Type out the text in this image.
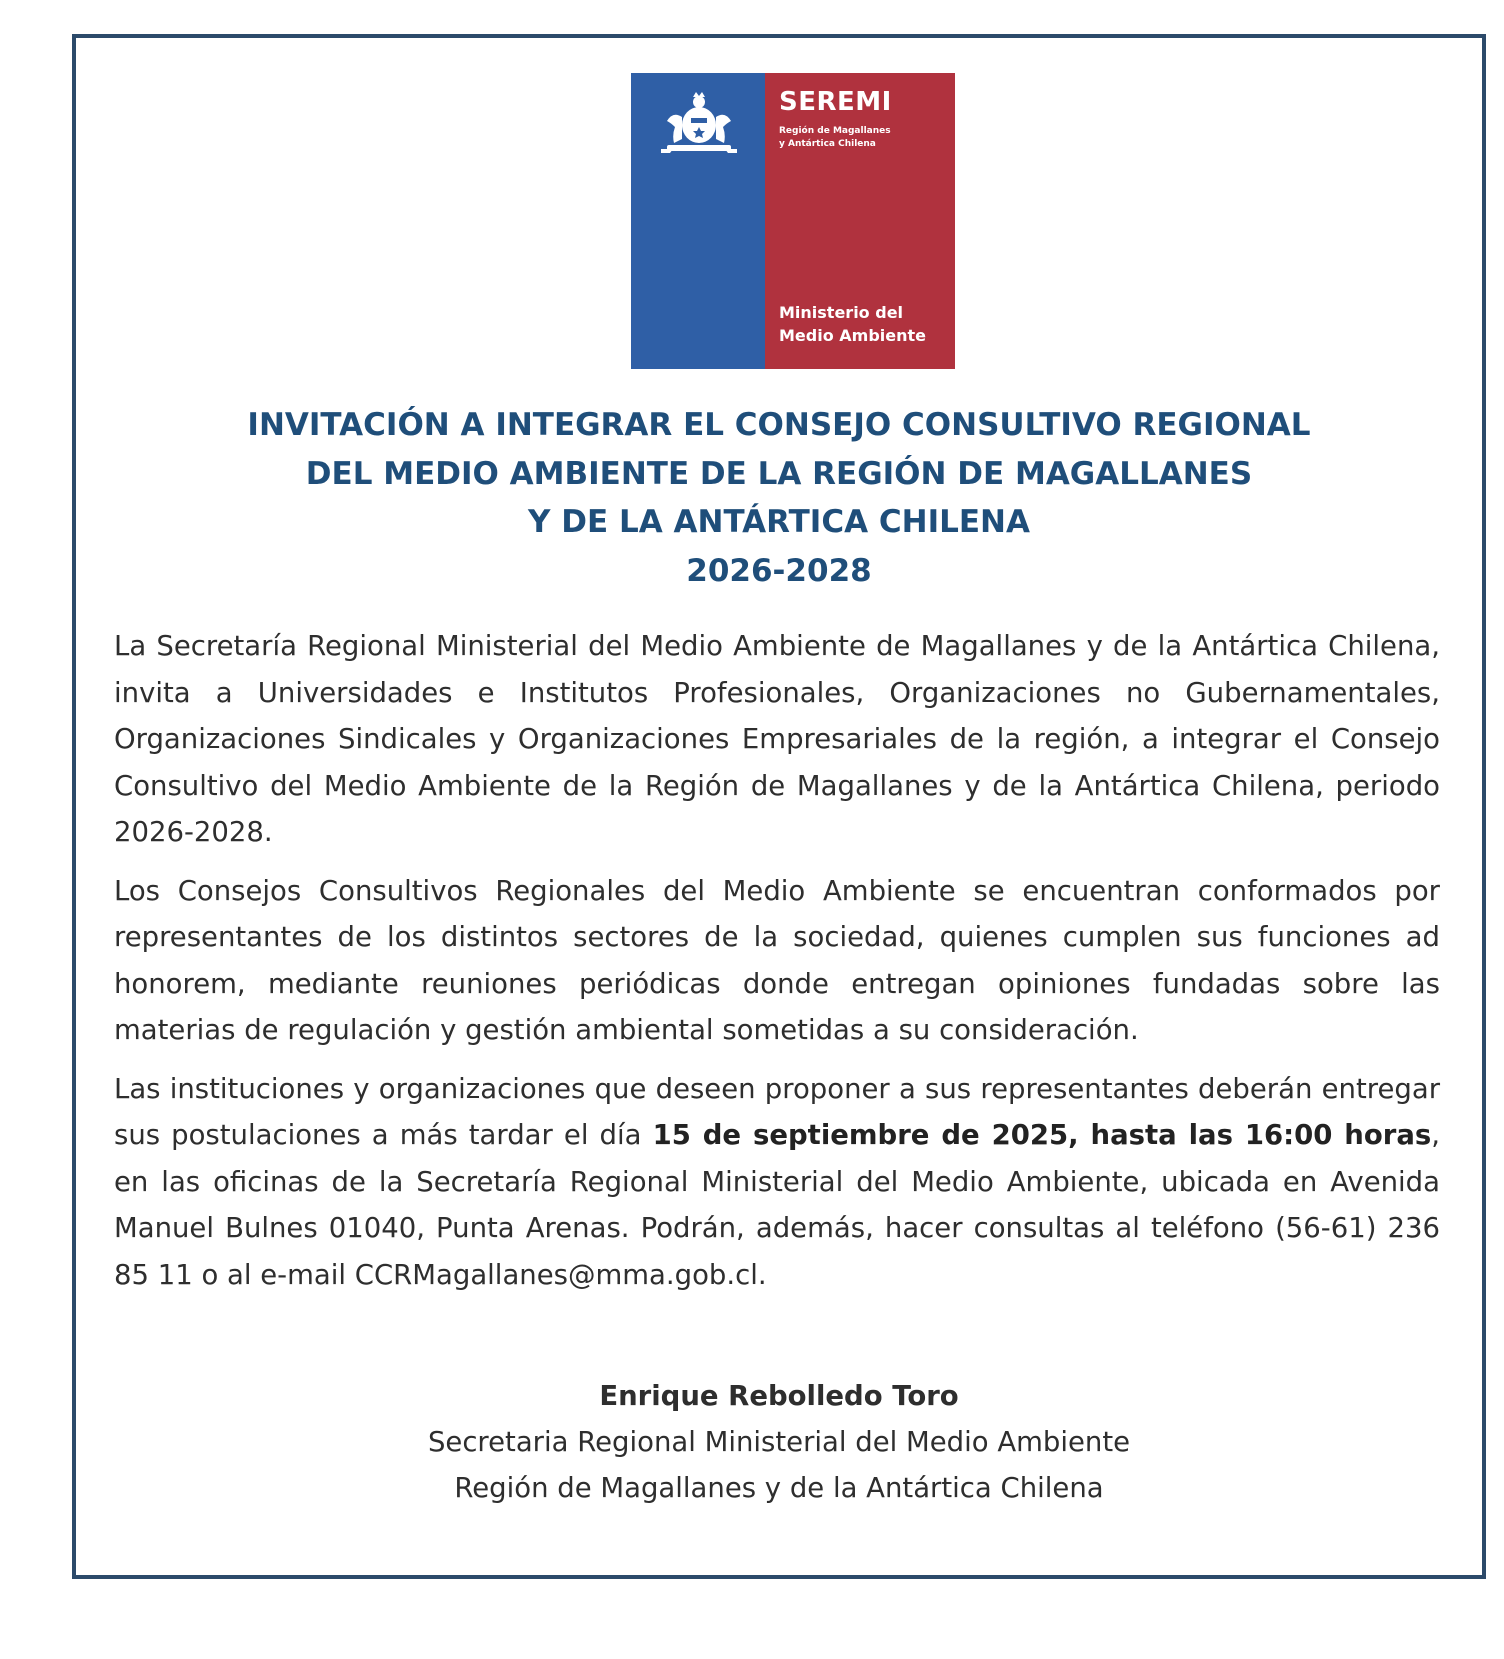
SEREMI
Región de Magallanes
y Antártica Chilena
Ministerio del
Medio Ambiente
INVITACIÓN A INTEGRAR EL CONSEJO CONSULTIVO REGIONAL
DEL MEDIO AMBIENTE DE LA REGIÓN DE MAGALLANES
Y DE LA ANTÁRTICA CHILENA
2026-2028

La Secretaría Regional Ministerial del Medio Ambiente de Magallanes y de la Antártica Chilena, invita a Universidades e Institutos Profesionales, Organizaciones no Gubernamentales, Organizaciones Sindicales y Organizaciones Empresariales de la región, a integrar el Consejo Consultivo del Medio Ambiente de la Región de Magallanes y de la Antártica Chilena, periodo 2026-2028.

Los Consejos Consultivos Regionales del Medio Ambiente se encuentran conformados por representantes de los distintos sectores de la sociedad, quienes cumplen sus funciones ad honorem, mediante reuniones periódicas donde entregan opiniones fundadas sobre las materias de regulación y gestión ambiental sometidas a su consideración.

Las instituciones y organizaciones que deseen proponer a sus representantes deberán entregar sus postulaciones a más tardar el día 15 de septiembre de 2025, hasta las 16:00 horas, en las oficinas de la Secretaría Regional Ministerial del Medio Ambiente, ubicada en Avenida Manuel Bulnes 01040, Punta Arenas. Podrán, además, hacer consultas al teléfono (56-61) 236 85 11 o al e-mail CCRMagallanes@mma.gob.cl.

Enrique Rebolledo Toro
Secretaria Regional Ministerial del Medio Ambiente
Región de Magallanes y de la Antártica Chilena
